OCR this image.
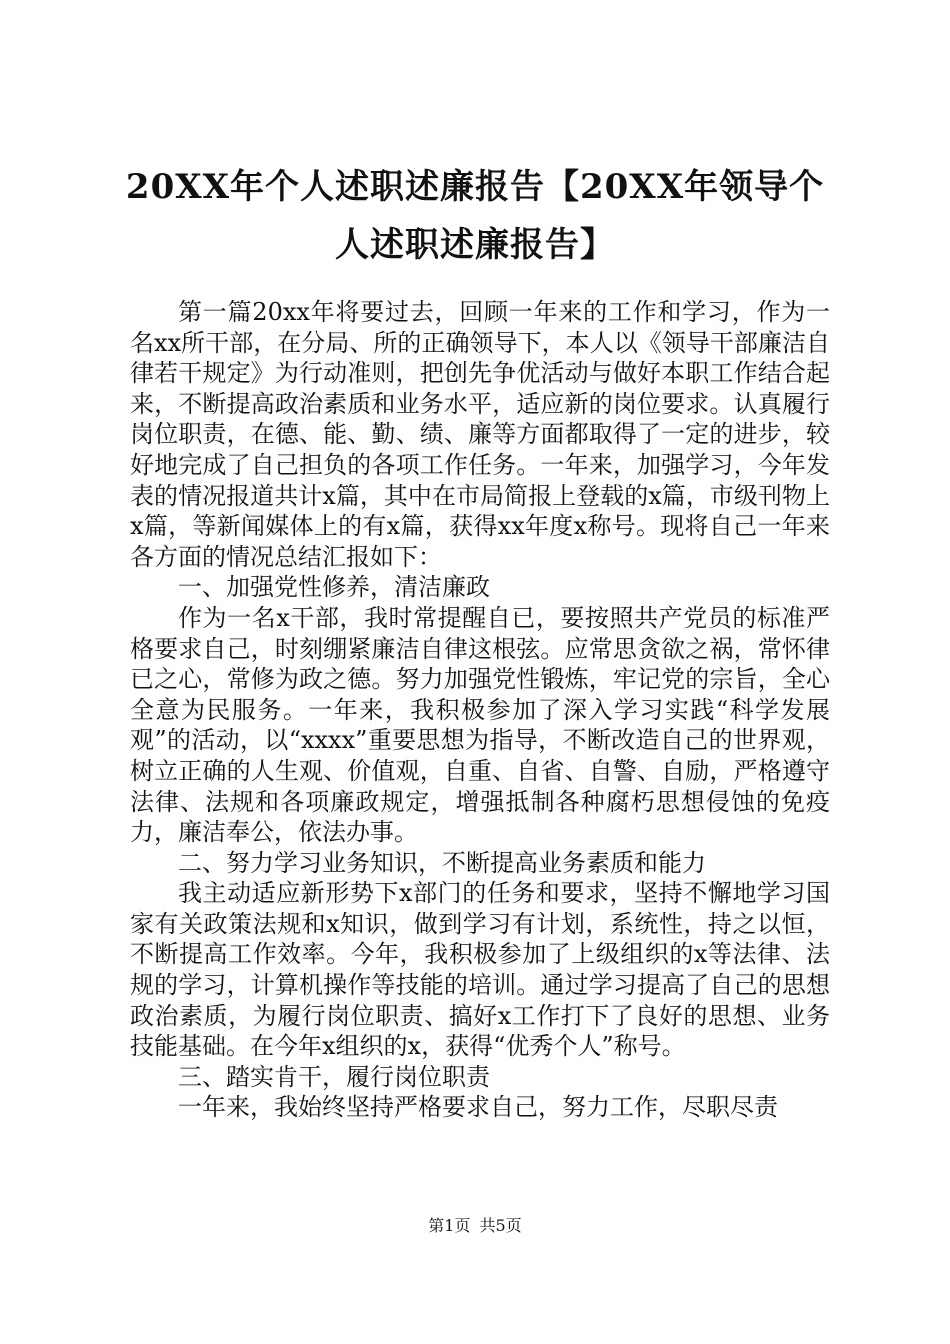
20XX年个人述职述廉报告【20XX年领导个人述职述廉报告】

第一篇20xx年将要过去，回顾一年来的工作和学习，作为一名xx所干部，在分局、所的正确领导下，本人以《领导干部廉洁自律若干规定》为行动准则，把创先争优活动与做好本职工作结合起来，不断提高政治素质和业务水平，适应新的岗位要求。认真履行岗位职责，在德、能、勤、绩、廉等方面都取得了一定的进步，较好地完成了自己担负的各项工作任务。一年来，加强学习，今年发表的情况报道共计x篇，其中在市局简报上登载的x篇，市级刊物上x篇，等新闻媒体上的有x篇，获得xx年度x称号。现将自己一年来各方面的情况总结汇报如下：

一、加强党性修养，清洁廉政

作为一名x干部，我时常提醒自已，要按照共产党员的标准严格要求自己，时刻绷紧廉洁自律这根弦。应常思贪欲之祸，常怀律已之心，常修为政之德。努力加强党性锻炼，牢记党的宗旨，全心全意为民服务。一年来，我积极参加了深入学习实践“科学发展观”的活动，以“xxxx”重要思想为指导，不断改造自己的世界观，树立正确的人生观、价值观，自重、自省、自警、自励，严格遵守法律、法规和各项廉政规定，增强抵制各种腐朽思想侵蚀的免疫力，廉洁奉公，依法办事。

二、努力学习业务知识，不断提高业务素质和能力

我主动适应新形势下x部门的任务和要求，坚持不懈地学习国家有关政策法规和x知识，做到学习有计划，系统性，持之以恒，不断提高工作效率。今年，我积极参加了上级组织的x等法律、法规的学习，计算机操作等技能的培训。通过学习提高了自己的思想政治素质，为履行岗位职责、搞好x工作打下了良好的思想、业务技能基础。在今年x组织的x，获得“优秀个人”称号。

三、踏实肯干，履行岗位职责

一年来，我始终坚持严格要求自己，努力工作，尽职尽责

第1页 共5页
